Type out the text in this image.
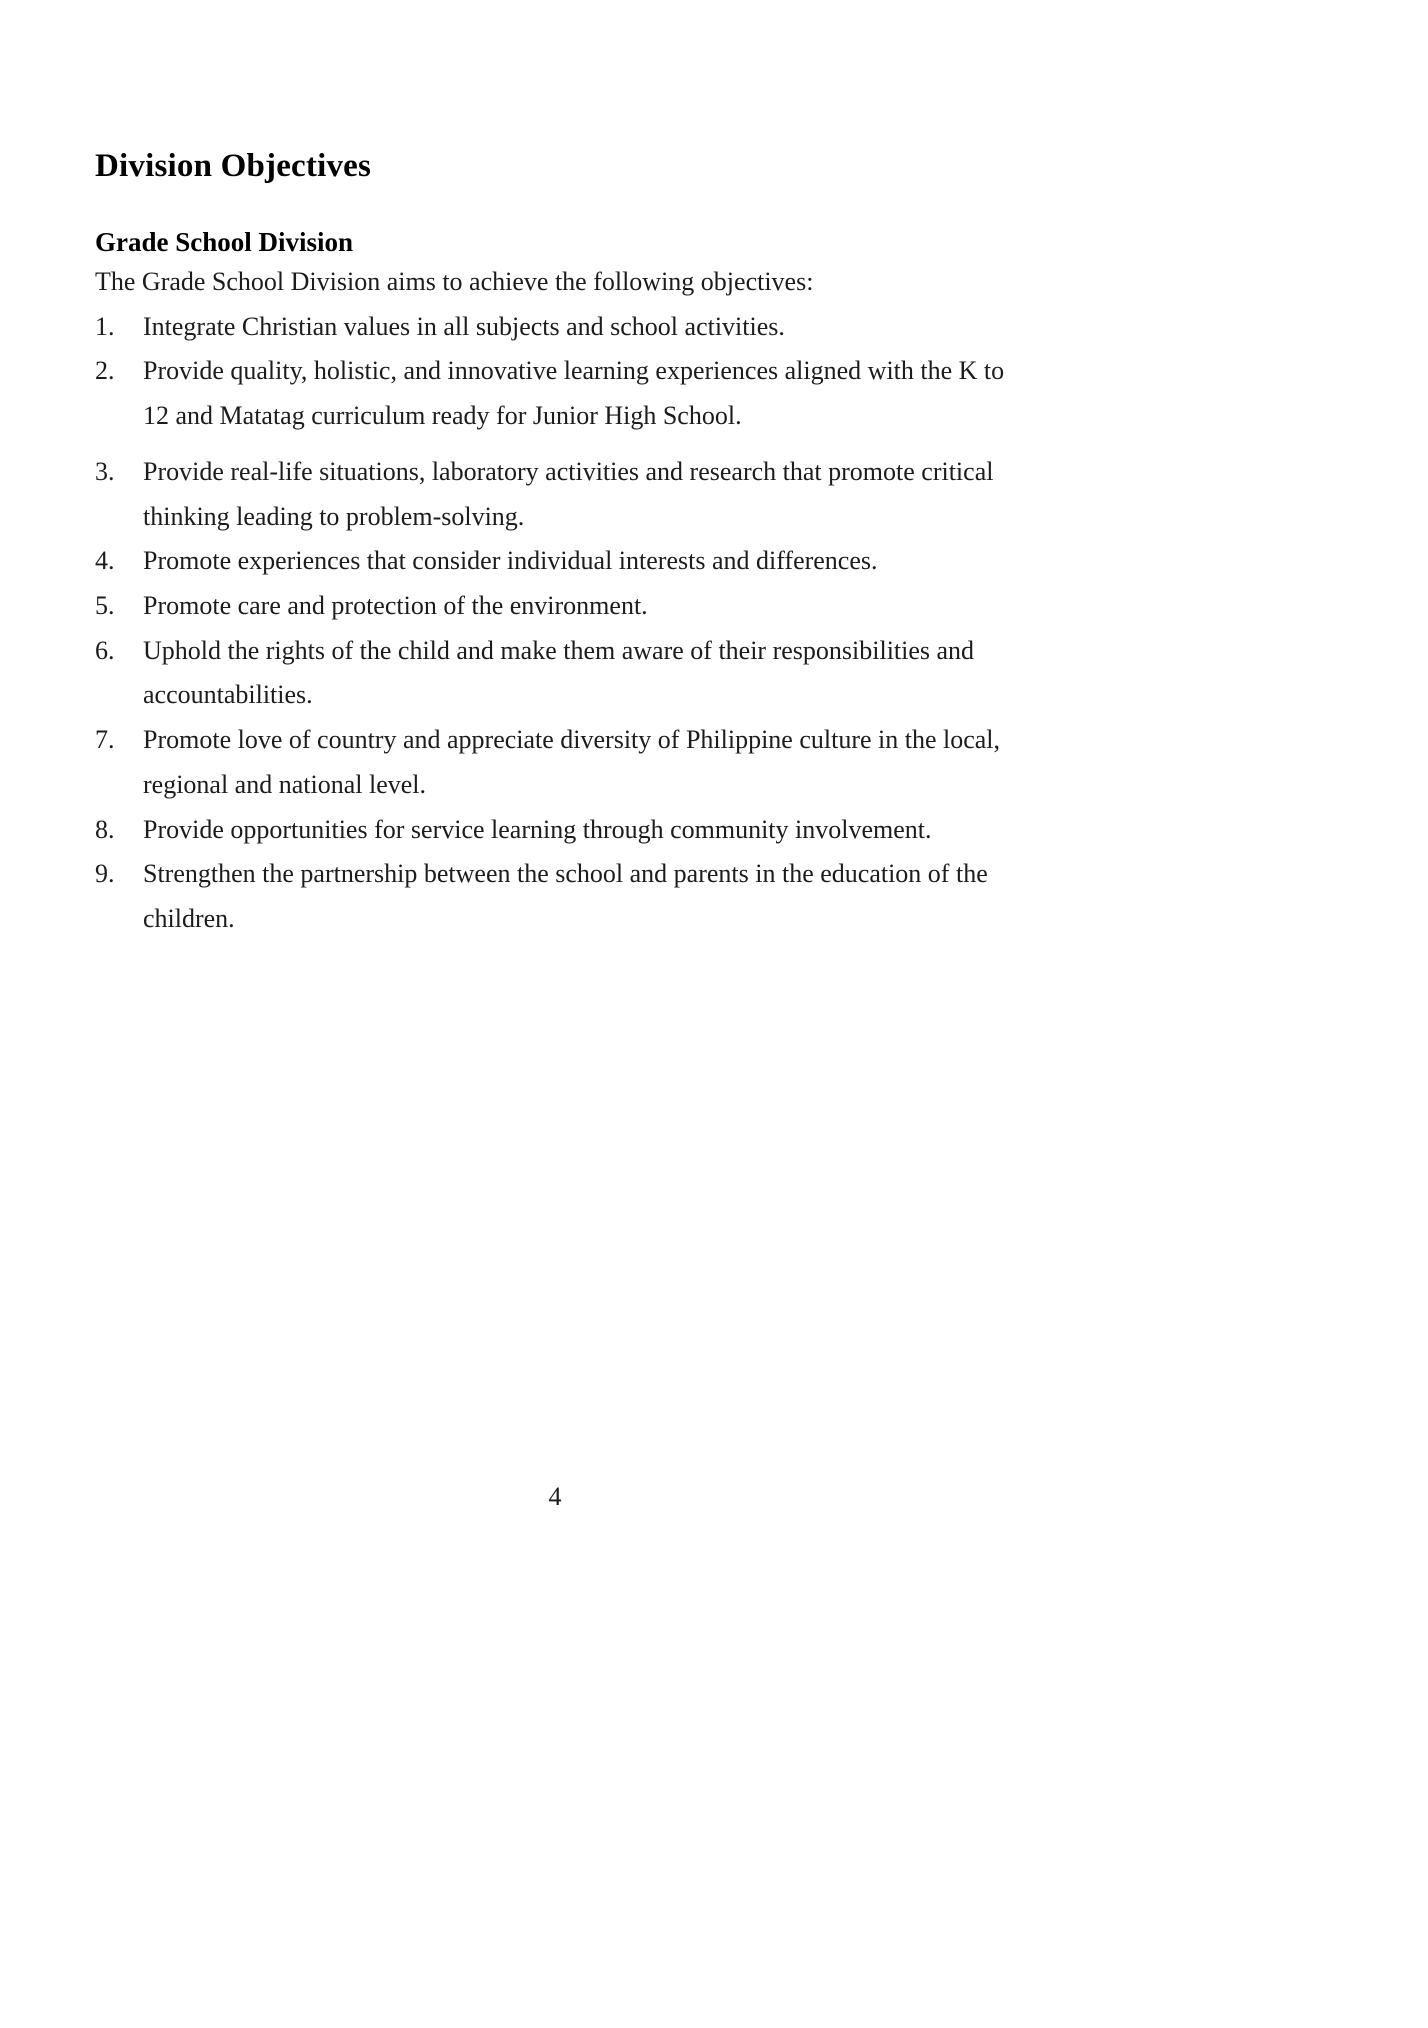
Division Objectives
Grade School Division

The Grade School Division aims to achieve the following objectives:

1. Integrate Christian values in all subjects and school activities.
2. Provide quality, holistic, and innovative learning experiences aligned with the K to 12 and Matatag curriculum ready for Junior High School.
3. Provide real-life situations, laboratory activities and research that promote critical thinking leading to problem-solving.
4. Promote experiences that consider individual interests and differences.
5. Promote care and protection of the environment.
6. Uphold the rights of the child and make them aware of their responsibilities and accountabilities.
7. Promote love of country and appreciate diversity of Philippine culture in the local, regional and national level.
8. Provide opportunities for service learning through community involvement.
9. Strengthen the partnership between the school and parents in the education of the children.
4
